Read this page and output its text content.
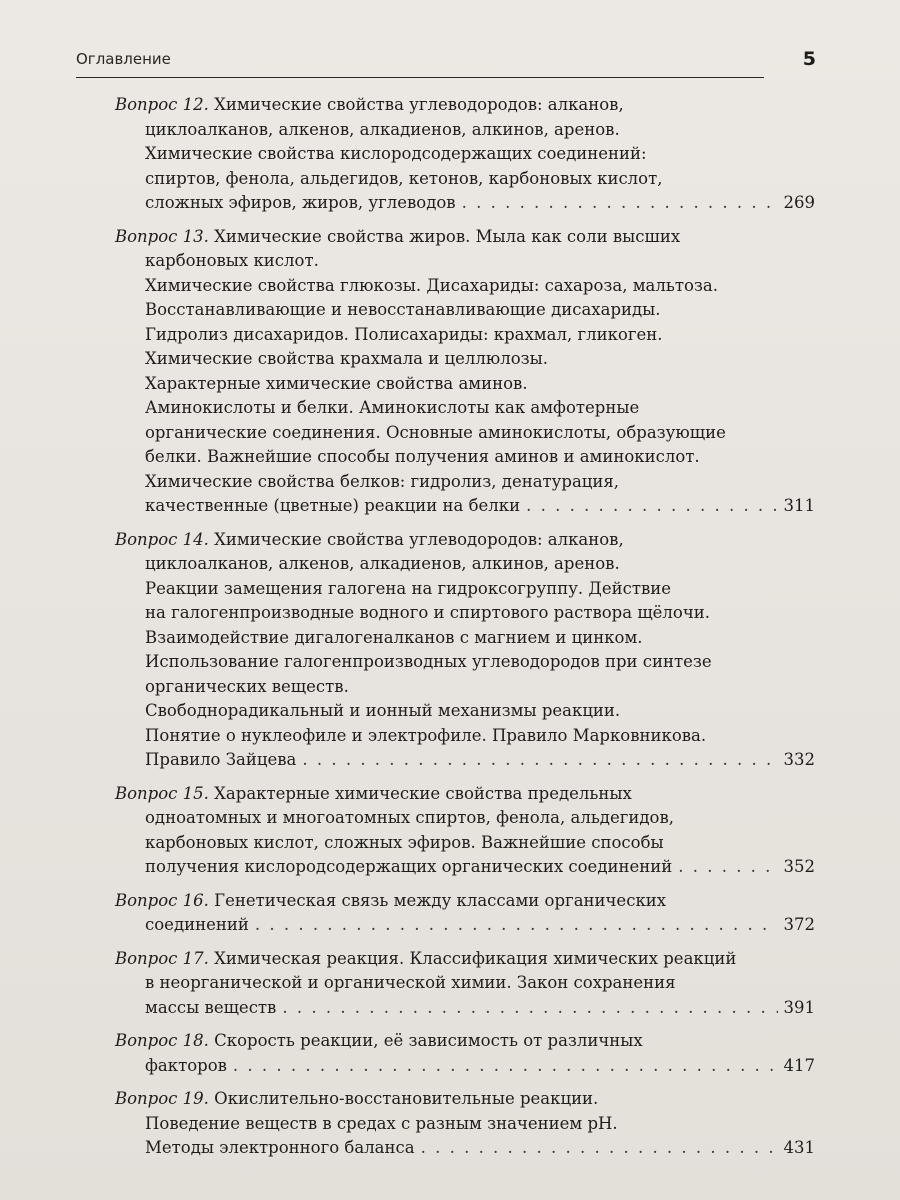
Оглавление	5
Вопрос 12. Химические свойства углеводородов: алканов,
циклоалканов, алкенов, алкадиенов, алкинов, аренов.
Химические свойства кислородсодержащих соединений:
спиртов, фенола, альдегидов, кетонов, карбоновых кислот,
сложных эфиров, жиров, углеводов . . .	269
Вопрос 13. Химические свойства жиров. Мыла как соли высших
карбоновых кислот.
Химические свойства глюкозы. Дисахариды: сахароза, мальтоза.
Восстанавливающие и невосстанавливающие дисахариды.
Гидролиз дисахаридов. Полисахариды: крахмал, гликоген.
Химические свойства крахмала и целлюлозы.
Характерные химические свойства аминов.
Аминокислоты и белки. Аминокислоты как амфотерные
органические соединения. Основные аминокислоты, образующие
белки. Важнейшие способы получения аминов и аминокислот.
Химические свойства белков: гидролиз, денатурация,
качественные (цветные) реакции на белки . . .	311
Вопрос 14. Химические свойства углеводородов: алканов,
циклоалканов, алкенов, алкадиенов, алкинов, аренов.
Реакции замещения галогена на гидроксогруппу. Действие
на галогенпроизводные водного и спиртового раствора щёлочи.
Взаимодействие дигалогеналканов с магнием и цинком.
Использование галогенпроизводных углеводородов при синтезе
органических веществ.
Свободнорадикальный и ионный механизмы реакции.
Понятие о нуклеофиле и электрофиле. Правило Марковникова.
Правило Зайцева . . .	332
Вопрос 15. Характерные химические свойства предельных
одноатомных и многоатомных спиртов, фенола, альдегидов,
карбоновых кислот, сложных эфиров. Важнейшие способы
получения кислородсодержащих органических соединений . . .	352
Вопрос 16. Генетическая связь между классами органических
соединений . . .	372
Вопрос 17. Химическая реакция. Классификация химических реакций
в неорганической и органической химии. Закон сохранения
массы веществ . . .	391
Вопрос 18. Скорость реакции, её зависимость от различных
факторов . . .	417
Вопрос 19. Окислительно-восстановительные реакции.
Поведение веществ в средах с разным значением pH.
Методы электронного баланса . . .	431
